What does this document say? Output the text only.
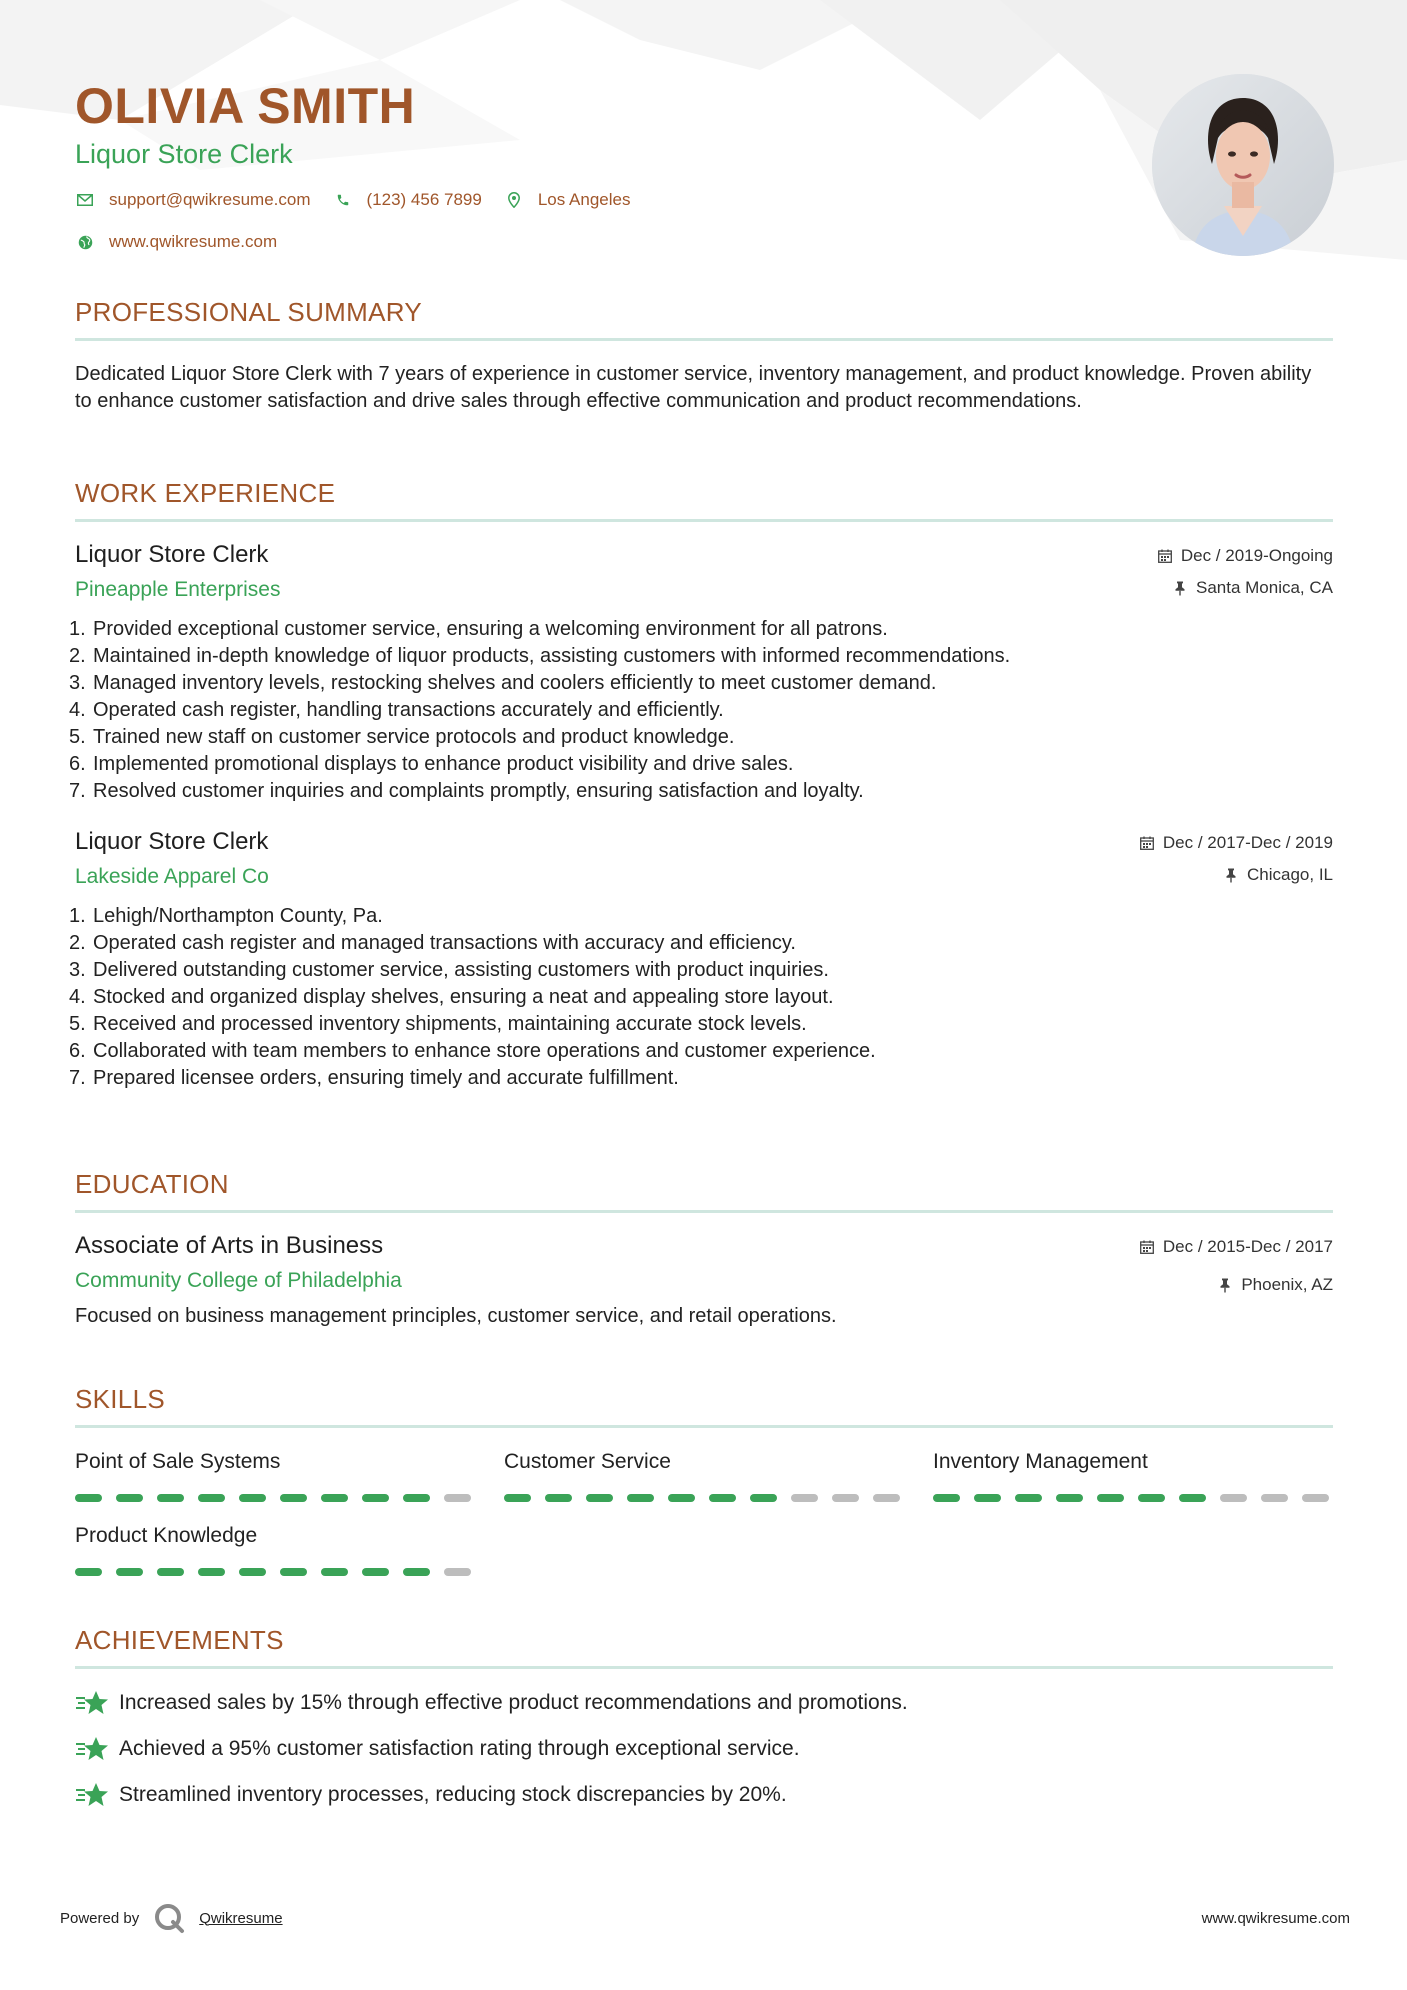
OLIVIA SMITH
Liquor Store Clerk
support@qwikresume.com	(123) 456 7899	Los Angeles
www.qwikresume.com
PROFESSIONAL SUMMARY
Dedicated Liquor Store Clerk with 7 years of experience in customer service, inventory management, and product knowledge. Proven ability to enhance customer satisfaction and drive sales through effective communication and product recommendations.
WORK EXPERIENCE
Liquor Store Clerk
Pineapple Enterprises
Dec / 2019-Ongoing
Santa Monica, CA
1. Provided exceptional customer service, ensuring a welcoming environment for all patrons.
2. Maintained in-depth knowledge of liquor products, assisting customers with informed recommendations.
3. Managed inventory levels, restocking shelves and coolers efficiently to meet customer demand.
4. Operated cash register, handling transactions accurately and efficiently.
5. Trained new staff on customer service protocols and product knowledge.
6. Implemented promotional displays to enhance product visibility and drive sales.
7. Resolved customer inquiries and complaints promptly, ensuring satisfaction and loyalty.
Liquor Store Clerk
Lakeside Apparel Co
Dec / 2017-Dec / 2019
Chicago, IL
1. Lehigh/Northampton County, Pa.
2. Operated cash register and managed transactions with accuracy and efficiency.
3. Delivered outstanding customer service, assisting customers with product inquiries.
4. Stocked and organized display shelves, ensuring a neat and appealing store layout.
5. Received and processed inventory shipments, maintaining accurate stock levels.
6. Collaborated with team members to enhance store operations and customer experience.
7. Prepared licensee orders, ensuring timely and accurate fulfillment.
EDUCATION
Associate of Arts in Business
Community College of Philadelphia
Dec / 2015-Dec / 2017
Phoenix, AZ
Focused on business management principles, customer service, and retail operations.
SKILLS
Point of Sale Systems	Customer Service	Inventory Management
Product Knowledge
ACHIEVEMENTS
Increased sales by 15% through effective product recommendations and promotions.
Achieved a 95% customer satisfaction rating through exceptional service.
Streamlined inventory processes, reducing stock discrepancies by 20%.
Powered by	Qwikresume	www.qwikresume.com
